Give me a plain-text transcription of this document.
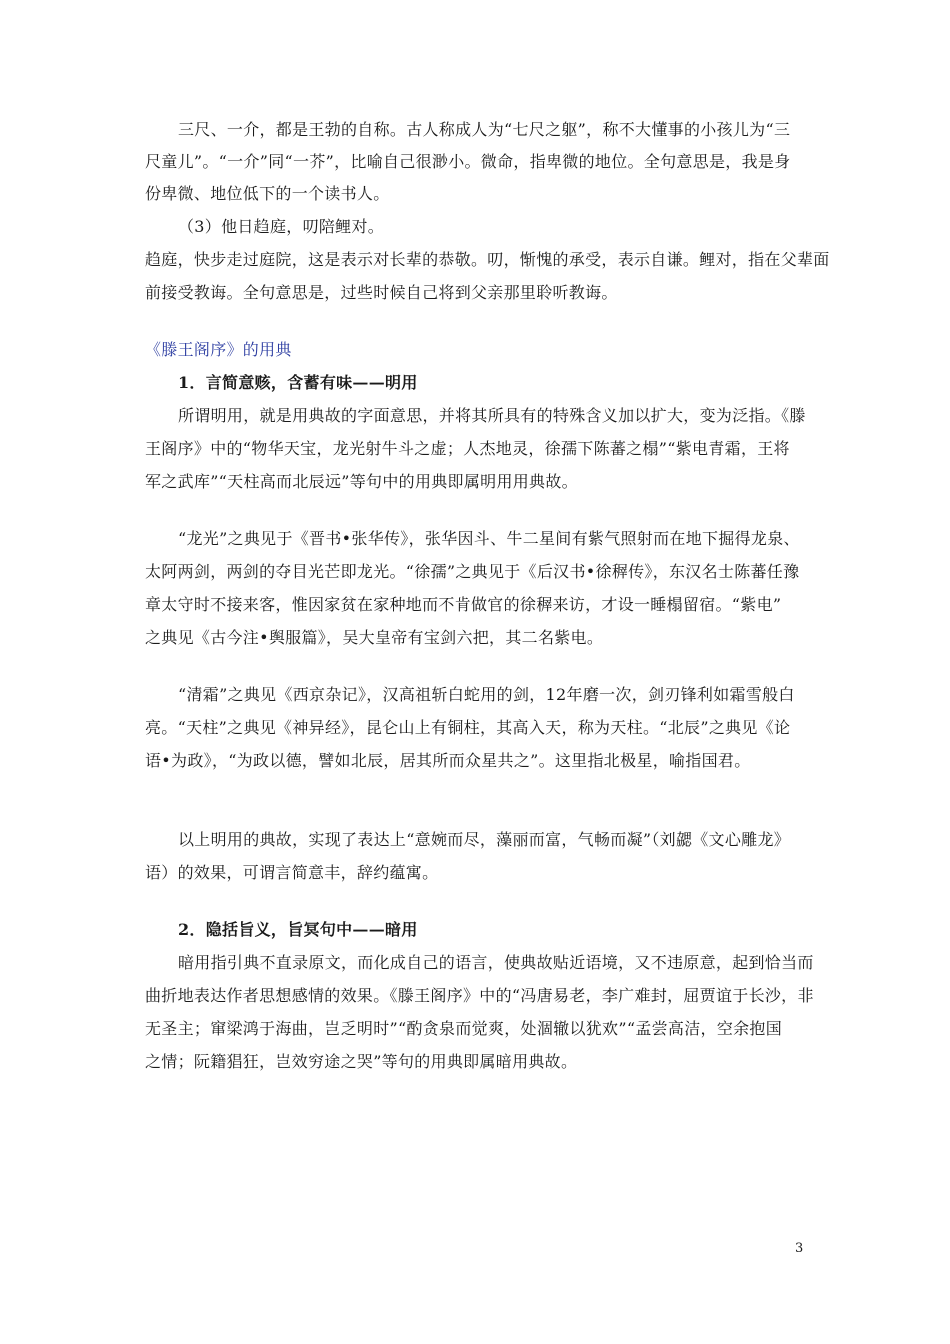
三尺、一介，都是王勃的自称。古人称成人为“七尺之躯”，称不大懂事的小孩儿为“三
尺童儿”。“一介”同“一芥”，比喻自己很渺小。微命，指卑微的地位。全句意思是，我是身
份卑微、地位低下的一个读书人。
（3）他日趋庭，叨陪鲤对。
趋庭，快步走过庭院，这是表示对长辈的恭敬。叨，惭愧的承受，表示自谦。鲤对，指在父辈面
前接受教诲。全句意思是，过些时候自己将到父亲那里聆听教诲。
《滕王阁序》的用典
1．言简意赅，含蓄有味——明用
所谓明用，就是用典故的字面意思，并将其所具有的特殊含义加以扩大，变为泛指。《滕
王阁序》中的“物华天宝，龙光射牛斗之虚；人杰地灵，徐孺下陈蕃之榻”“紫电青霜，王将
军之武库”“天柱高而北辰远”等句中的用典即属明用用典故。
“龙光”之典见于《晋书•张华传》，张华因斗、牛二星间有紫气照射而在地下掘得龙泉、
太阿两剑，两剑的夺目光芒即龙光。“徐孺”之典见于《后汉书•徐稺传》，东汉名士陈蕃任豫
章太守时不接来客，惟因家贫在家种地而不肯做官的徐稺来访，才设一睡榻留宿。“紫电”
之典见《古今注•舆服篇》，吴大皇帝有宝剑六把，其二名紫电。
“清霜”之典见《西京杂记》，汉高祖斩白蛇用的剑，12年磨一次，剑刃锋利如霜雪般白
亮。“天柱”之典见《神异经》，昆仑山上有铜柱，其高入天，称为天柱。“北辰”之典见《论
语•为政》，“为政以德，譬如北辰，居其所而众星共之”。这里指北极星，喻指国君。
以上明用的典故，实现了表达上“意婉而尽，藻丽而富，气畅而凝”（刘勰《文心雕龙》
语）的效果，可谓言简意丰，辞约蕴寓。
2．隐括旨义，旨冥句中——暗用
暗用指引典不直录原文，而化成自己的语言，使典故贴近语境，又不违原意，起到恰当而
曲折地表达作者思想感情的效果。《滕王阁序》中的“冯唐易老，李广难封，屈贾谊于长沙，非
无圣主；窜梁鸿于海曲，岂乏明时”“酌贪泉而觉爽，处涸辙以犹欢”“孟尝高洁，空余抱国
之情；阮籍猖狂，岂效穷途之哭”等句的用典即属暗用典故。
3
